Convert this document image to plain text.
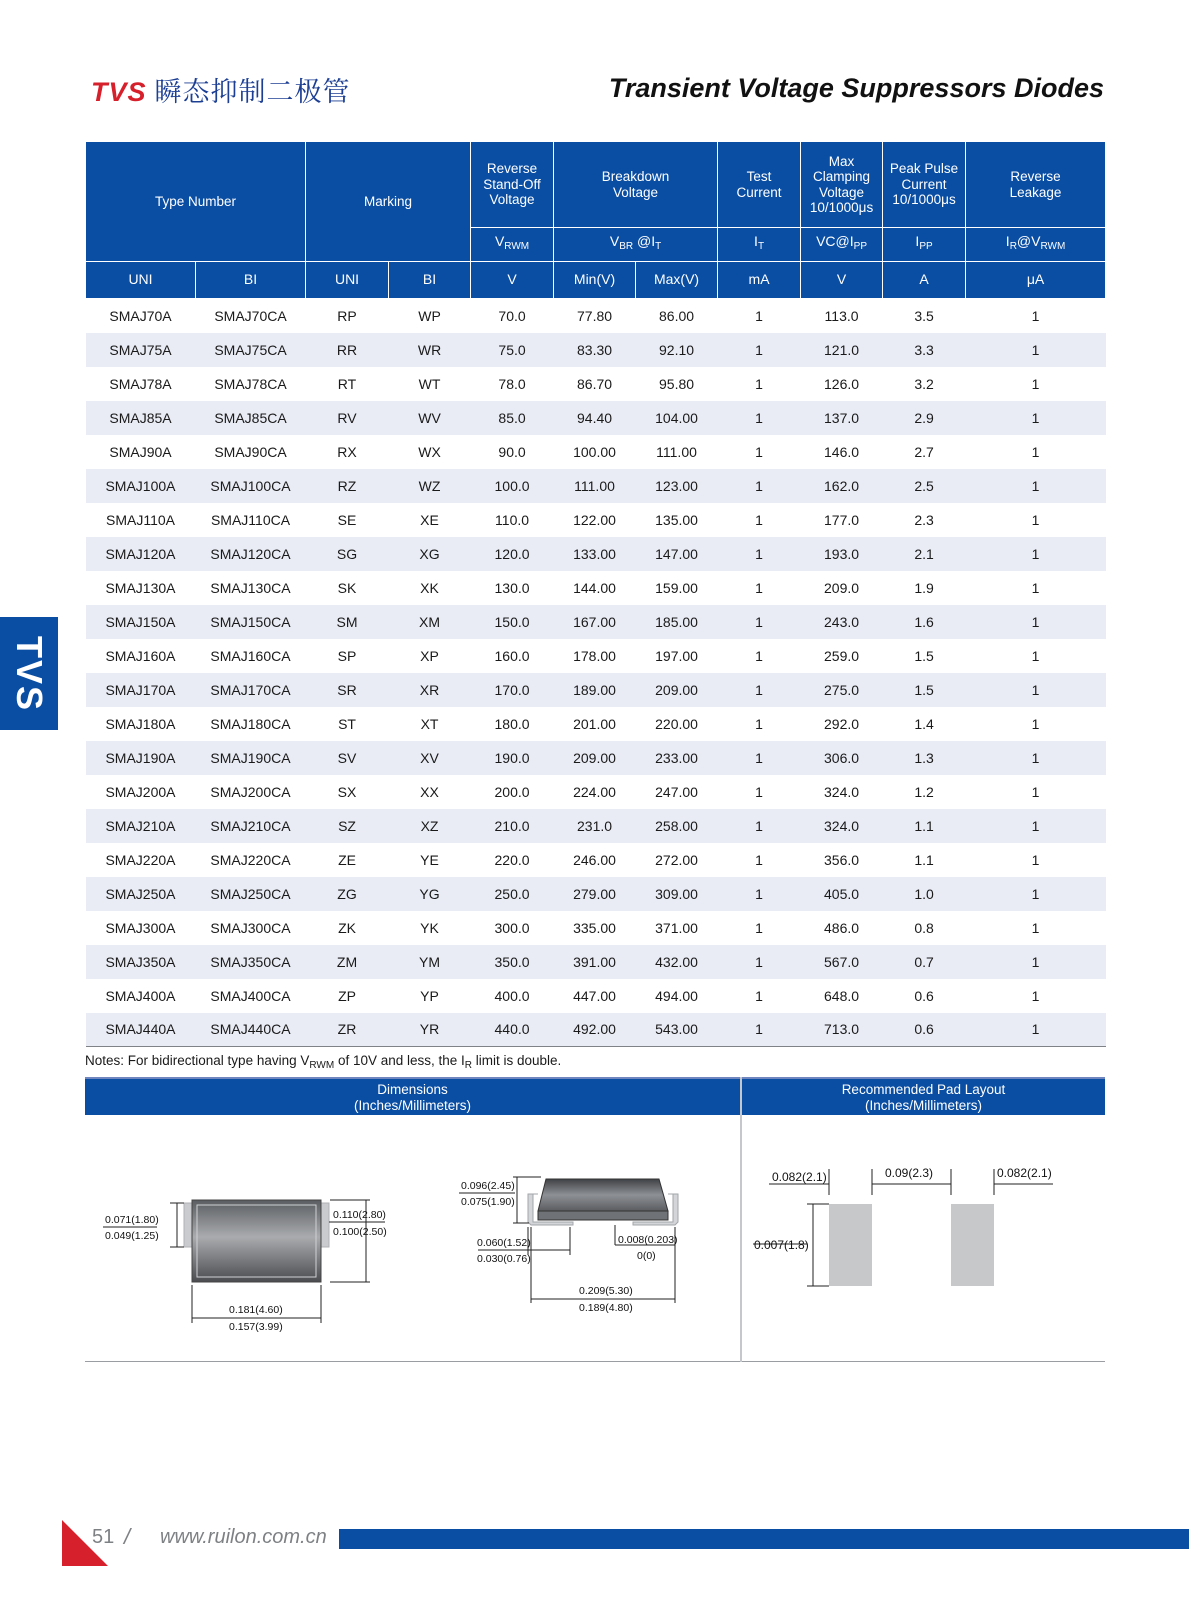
TVS 瞬态抑制二极管	Transient Voltage Suppressors Diodes
Type Number		Marking		Reverse
Stand-Off
Voltage	Breakdown
Voltage		Test
Current	Max
Clamping
Voltage
10/1000μs	Peak Pulse
Current
10/1000μs	Reverse
Leakage
				$V_{RWM}$	$V_{BR}$ $@I_T$		$I_T$	$VC@I_{PP}$	$I_{PP}$	$I_R@V_{RWM}$
UNI	BI	UNI	BI	V	Min(V)	Max(V)	mA	V	A	μA
SMAJ70A	SMAJ70CA	RP	WP	70.0	77.80	86.00	1	113.0	3.5	1
SMAJ75A	SMAJ75CA	RR	WR	75.0	83.30	92.10	1	121.0	3.3	1
SMAJ78A	SMAJ78CA	RT	WT	78.0	86.70	95.80	1	126.0	3.2	1
SMAJ85A	SMAJ85CA	RV	WV	85.0	94.40	104.00	1	137.0	2.9	1
SMAJ90A	SMAJ90CA	RX	WX	90.0	100.00	111.00	1	146.0	2.7	1
SMAJ100A	SMAJ100CA	RZ	WZ	100.0	111.00	123.00	1	162.0	2.5	1
SMAJ110A	SMAJ110CA	SE	XE	110.0	122.00	135.00	1	177.0	2.3	1
SMAJ120A	SMAJ120CA	SG	XG	120.0	133.00	147.00	1	193.0	2.1	1
SMAJ130A	SMAJ130CA	SK	XK	130.0	144.00	159.00	1	209.0	1.9	1
SMAJ150A	SMAJ150CA	SM	XM	150.0	167.00	185.00	1	243.0	1.6	1
SMAJ160A	SMAJ160CA	SP	XP	160.0	178.00	197.00	1	259.0	1.5	1
SMAJ170A	SMAJ170CA	SR	XR	170.0	189.00	209.00	1	275.0	1.5	1
SMAJ180A	SMAJ180CA	ST	XT	180.0	201.00	220.00	1	292.0	1.4	1
SMAJ190A	SMAJ190CA	SV	XV	190.0	209.00	233.00	1	306.0	1.3	1
SMAJ200A	SMAJ200CA	SX	XX	200.0	224.00	247.00	1	324.0	1.2	1
SMAJ210A	SMAJ210CA	SZ	XZ	210.0	231.0	258.00	1	324.0	1.1	1
SMAJ220A	SMAJ220CA	ZE	YE	220.0	246.00	272.00	1	356.0	1.1	1
SMAJ250A	SMAJ250CA	ZG	YG	250.0	279.00	309.00	1	405.0	1.0	1
SMAJ300A	SMAJ300CA	ZK	YK	300.0	335.00	371.00	1	486.0	0.8	1
SMAJ350A	SMAJ350CA	ZM	YM	350.0	391.00	432.00	1	567.0	0.7	1
SMAJ400A	SMAJ400CA	ZP	YP	400.0	447.00	494.00	1	648.0	0.6	1
SMAJ440A	SMAJ440CA	ZR	YR	440.0	492.00	543.00	1	713.0	0.6	1
Notes: For bidirectional type having $V_{RWM}$ of 10V and less, the $I_R$ limit is double.
Dimensions
(Inches/Millimeters)
Recommended Pad Layout
(Inches/Millimeters)
0.071(1.80)
0.049(1.25)
0.110(2.80)
0.100(2.50)
0.181(4.60)
0.157(3.99)
0.096(2.45)
0.075(1.90)
0.060(1.52)
0.030(0.76)
0.008(0.203)
0(0)
0.209(5.30)
0.189(4.80)
0.082(2.1)	0.09(2.3)	0.082(2.1)
0.007(1.8)
TVS
51 / www.ruilon.com.cn
